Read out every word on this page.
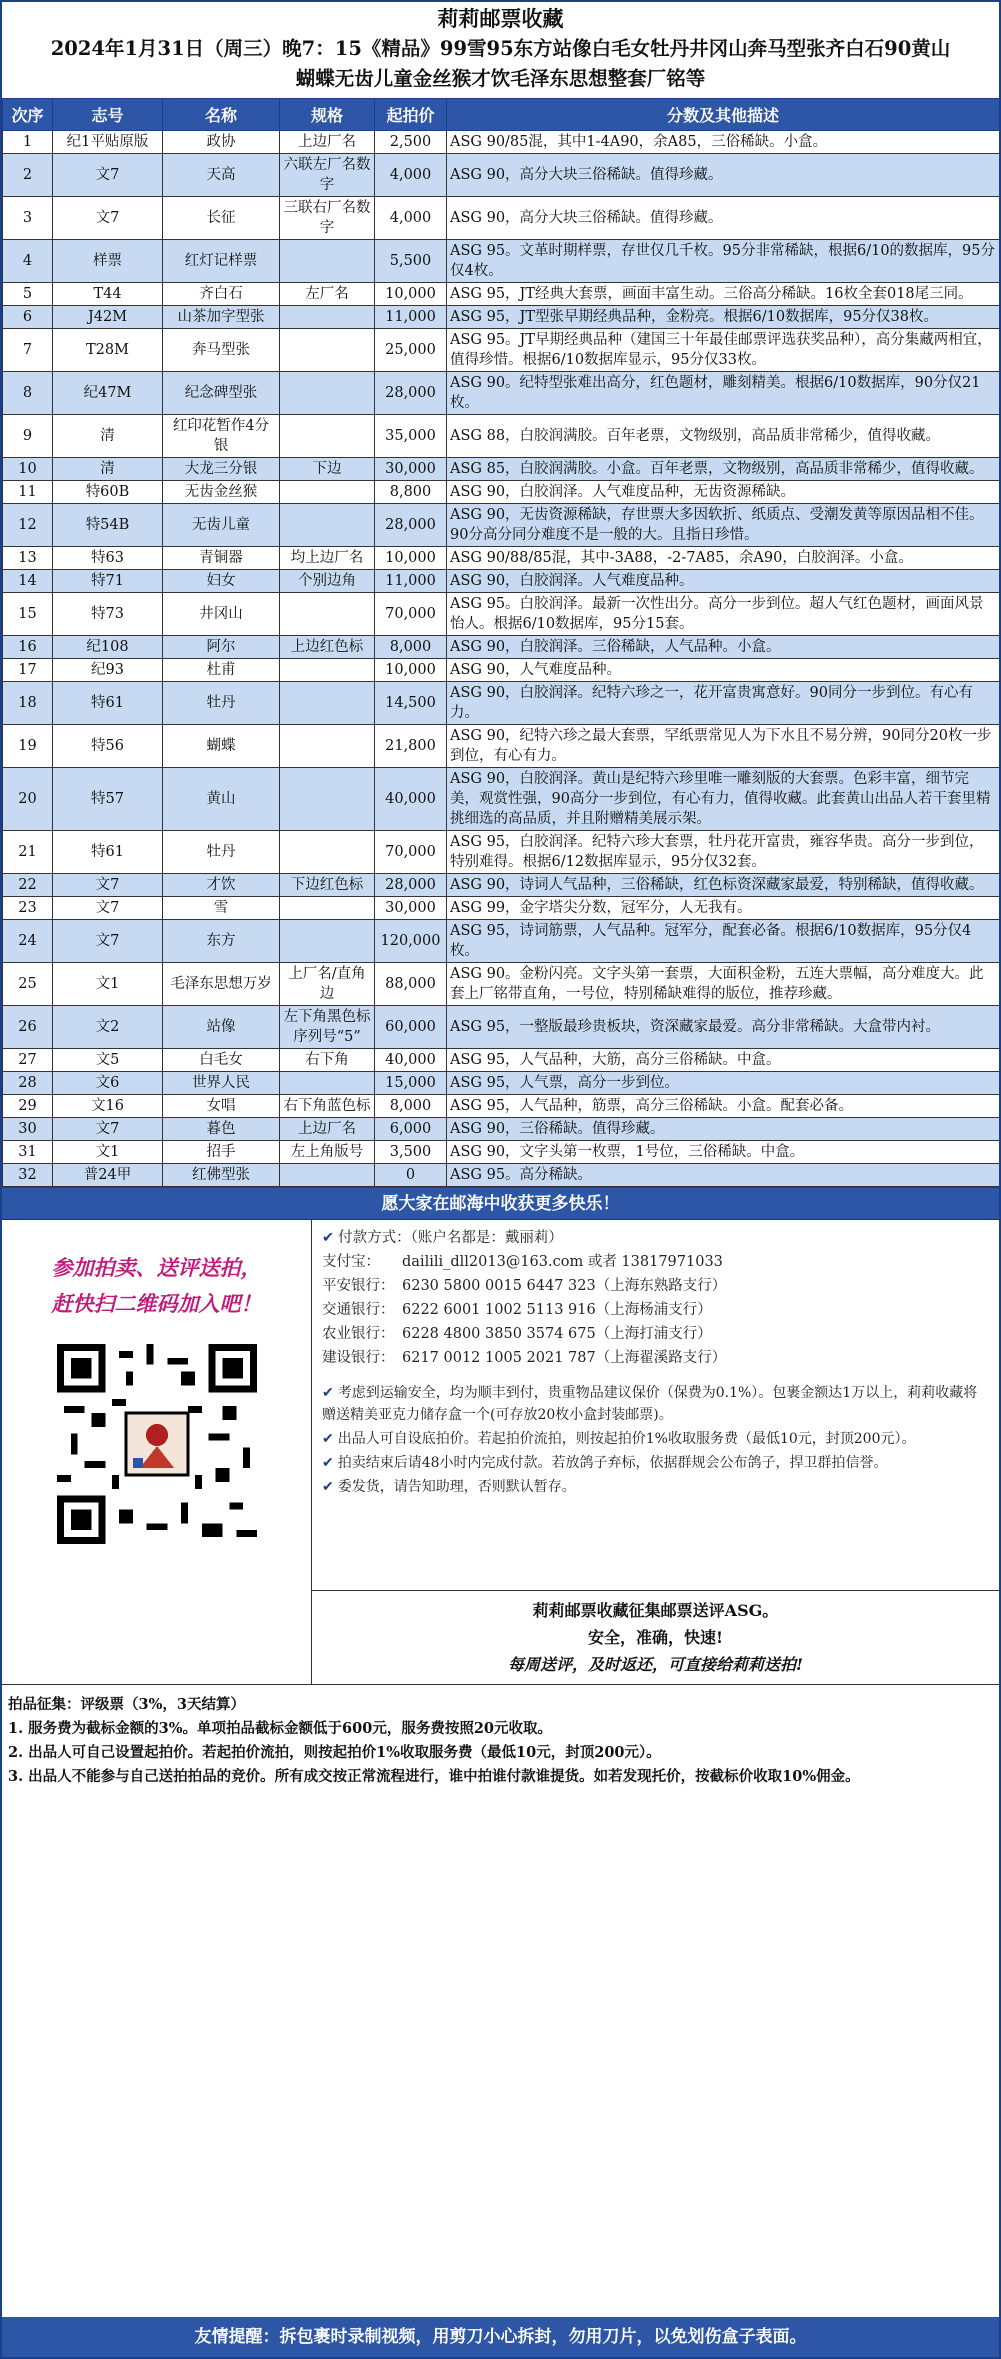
莉莉邮票收藏
2024年1月31日（周三）晚7：15《精品》99雪95东方站像白毛女牡丹井冈山奔马型张齐白石90黄山
蝴蝶无齿儿童金丝猴才饮毛泽东思想整套厂铭等
次序	志号	名称	规格	起拍价	分数及其他描述
1	纪1平贴原版	政协	上边厂名	2,500	ASG 90/85混，其中1-4A90，余A85，三俗稀缺。小盒。
2	文7	天高	六联左厂名数字	4,000	ASG 90，高分大块三俗稀缺。值得珍藏。
3	文7	长征	三联右厂名数字	4,000	ASG 90，高分大块三俗稀缺。值得珍藏。
4	样票	红灯记样票		5,500	ASG 95。文革时期样票，存世仅几千枚。95分非常稀缺，根据6/10的数据库，95分仅4枚。
5	T44	齐白石	左厂名	10,000	ASG 95，JT经典大套票，画面丰富生动。三俗高分稀缺。16枚全套018尾三同。
6	J42M	山茶加字型张		11,000	ASG 95，JT型张早期经典品种，金粉亮。根据6/10数据库，95分仅38枚。
7	T28M	奔马型张		25,000	ASG 95。JT早期经典品种（建国三十年最佳邮票评选获奖品种），高分集藏两相宜，值得珍惜。根据6/10数据库显示，95分仅33枚。
8	纪47M	纪念碑型张		28,000	ASG 90。纪特型张难出高分，红色题材，雕刻精美。根据6/10数据库，90分仅21枚。
9	清	红印花暂作4分银		35,000	ASG 88，白胶润满胶。百年老票，文物级别，高品质非常稀少，值得收藏。
10	清	大龙三分银	下边	30,000	ASG 85，白胶润满胶。小盒。百年老票，文物级别，高品质非常稀少，值得收藏。
11	特60B	无齿金丝猴		8,800	ASG 90，白胶润泽。人气难度品种，无齿资源稀缺。
12	特54B	无齿儿童		28,000	ASG 90，无齿资源稀缺，存世票大多因软折、纸质点、受潮发黄等原因品相不佳。90分高分同分难度不是一般的大。且指日珍惜。
13	特63	青铜器	均上边厂名	10,000	ASG 90/88/85混，其中-3A88，-2-7A85，余A90，白胶润泽。小盒。
14	特71	妇女	个别边角	11,000	ASG 90，白胶润泽。人气难度品种。
15	特73	井冈山		70,000	ASG 95。白胶润泽。最新一次性出分。高分一步到位。超人气红色题材，画面风景怡人。根据6/10数据库，95分15套。
16	纪108	阿尔	上边红色标	8,000	ASG 90，白胶润泽。三俗稀缺，人气品种。小盒。
17	纪93	杜甫		10,000	ASG 90，人气难度品种。
18	特61	牡丹		14,500	ASG 90，白胶润泽。纪特六珍之一，花开富贵寓意好。90同分一步到位。有心有力。
19	特56	蝴蝶		21,800	ASG 90，纪特六珍之最大套票，罕纸票常见人为下水且不易分辨，90同分20枚一步到位，有心有力。
20	特57	黄山		40,000	ASG 90，白胶润泽。黄山是纪特六珍里唯一雕刻版的大套票。色彩丰富，细节完美，观赏性强，90高分一步到位，有心有力，值得收藏。此套黄山出品人若干套里精挑细选的高品质，并且附赠精美展示架。
21	特61	牡丹		70,000	ASG 95，白胶润泽。纪特六珍大套票，牡丹花开富贵，雍容华贵。高分一步到位，特别难得。根据6/12数据库显示，95分仅32套。
22	文7	才饮	下边红色标	28,000	ASG 90，诗词人气品种，三俗稀缺，红色标资深藏家最爱，特别稀缺，值得收藏。
23	文7	雪		30,000	ASG 99，金字塔尖分数，冠军分，人无我有。
24	文7	东方		120,000	ASG 95，诗词筋票，人气品种。冠军分，配套必备。根据6/10数据库，95分仅4枚。
25	文1	毛泽东思想万岁	上厂名/直角边	88,000	ASG 90。金粉闪亮。文字头第一套票，大面积金粉，五连大票幅，高分难度大。此套上厂铭带直角，一号位，特别稀缺难得的版位，推荐珍藏。
26	文2	站像	左下角黑色标序列号“5”	60,000	ASG 95，一整版最珍贵板块，资深藏家最爱。高分非常稀缺。大盒带内衬。
27	文5	白毛女	右下角	40,000	ASG 95，人气品种，大筋，高分三俗稀缺。中盒。
28	文6	世界人民		15,000	ASG 95，人气票，高分一步到位。
29	文16	女唱	右下角蓝色标	8,000	ASG 95，人气品种，筋票，高分三俗稀缺。小盒。配套必备。
30	文7	暮色	上边厂名	6,000	ASG 90，三俗稀缺。值得珍藏。
31	文1	招手	左上角版号	3,500	ASG 90，文字头第一枚票，1号位，三俗稀缺。中盒。
32	普24甲	红佛型张		0	ASG 95。高分稀缺。
愿大家在邮海中收获更多快乐！
参加拍卖、送评送拍，
赶快扫二维码加入吧！
✔ 付款方式：（账户名都是：戴丽莉）
支付宝：	dailili_dll2013@163.com 或者 13817971033
平安银行： 6230 5800 0015 6447 323（上海东熟路支行）
交通银行： 6222 6001 1002 5113 916（上海杨浦支行）
农业银行： 6228 4800 3850 3574 675（上海打浦支行）
建设银行： 6217 0012 1005 2021 787（上海翟溪路支行）

✔ 考虑到运输安全，均为顺丰到付，贵重物品建议保价（保费为0.1%）。包裹金额达1万以上，莉莉收藏将赠送精美亚克力储存盒一个(可存放20枚小盒封装邮票)。

✔ 出品人可自设底拍价。若起拍价流拍，则按起拍价1%收取服务费（最低10元，封顶200元）。

✔ 拍卖结束后请48小时内完成付款。若放鸽子弃标，依据群规会公布鸽子，捍卫群拍信誉。

✔ 委发货，请告知助理，否则默认暂存。

莉莉邮票收藏征集邮票送评ASG。
安全，准确，快速!
每周送评，及时返还，可直接给莉莉送拍!
拍品征集：评级票（3%，3天结算）
1. 服务费为截标金额的3%。单项拍品截标金额低于600元，服务费按照20元收取。
2. 出品人可自己设置起拍价。若起拍价流拍，则按起拍价1%收取服务费（最低10元，封顶200元）。
3. 出品人不能参与自己送拍拍品的竞价。所有成交按正常流程进行，谁中拍谁付款谁提货。如若发现托价，按截标价收取10%佣金。
友情提醒：拆包裹时录制视频，用剪刀小心拆封，勿用刀片，以免划伤盒子表面。
